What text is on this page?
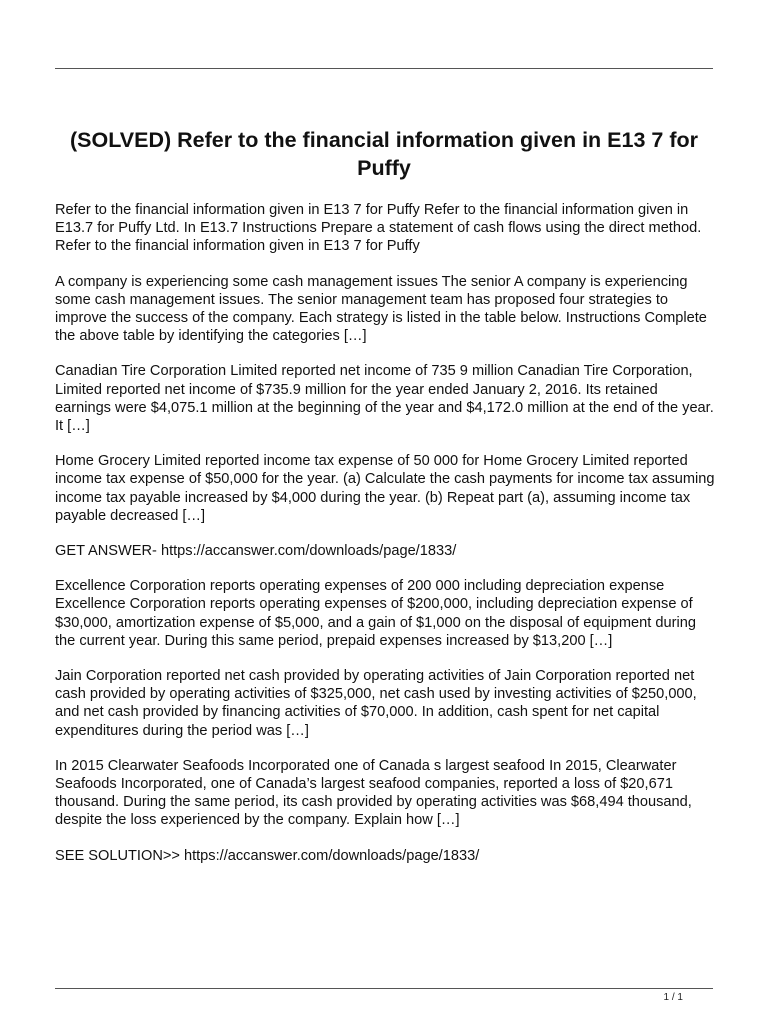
(SOLVED) Refer to the financial information given in E13 7 for Puffy

Refer to the financial information given in E13 7 for Puffy Refer to the financial information given in E13.7 for Puffy Ltd. In E13.7 Instructions Prepare a statement of cash flows using the direct method. Refer to the financial information given in E13 7 for Puffy

A company is experiencing some cash management issues The senior A company is experiencing some cash management issues. The senior management team has proposed four strategies to improve the success of the company. Each strategy is listed in the table below. Instructions Complete the above table by identifying the categories […]

Canadian Tire Corporation Limited reported net income of 735 9 million Canadian Tire Corporation, Limited reported net income of $735.9 million for the year ended January 2, 2016. Its retained earnings were $4,075.1 million at the beginning of the year and $4,172.0 million at the end of the year. It […]

Home Grocery Limited reported income tax expense of 50 000 for Home Grocery Limited reported income tax expense of $50,000 for the year. (a) Calculate the cash payments for income tax assuming income tax payable increased by $4,000 during the year. (b) Repeat part (a), assuming income tax payable decreased […]

GET ANSWER- https://accanswer.com/downloads/page/1833/

Excellence Corporation reports operating expenses of 200 000 including depreciation expense Excellence Corporation reports operating expenses of $200,000, including depreciation expense of $30,000, amortization expense of $5,000, and a gain of $1,000 on the disposal of equipment during the current year. During this same period, prepaid expenses increased by $13,200 […]

Jain Corporation reported net cash provided by operating activities of Jain Corporation reported net cash provided by operating activities of $325,000, net cash used by investing activities of $250,000, and net cash provided by financing activities of $70,000. In addition, cash spent for net capital expenditures during the period was […]

In 2015 Clearwater Seafoods Incorporated one of Canada s largest seafood In 2015, Clearwater Seafoods Incorporated, one of Canada’s largest seafood companies, reported a loss of $20,671 thousand. During the same period, its cash provided by operating activities was $68,494 thousand, despite the loss experienced by the company. Explain how […]

SEE SOLUTION>> https://accanswer.com/downloads/page/1833/

1 / 1
